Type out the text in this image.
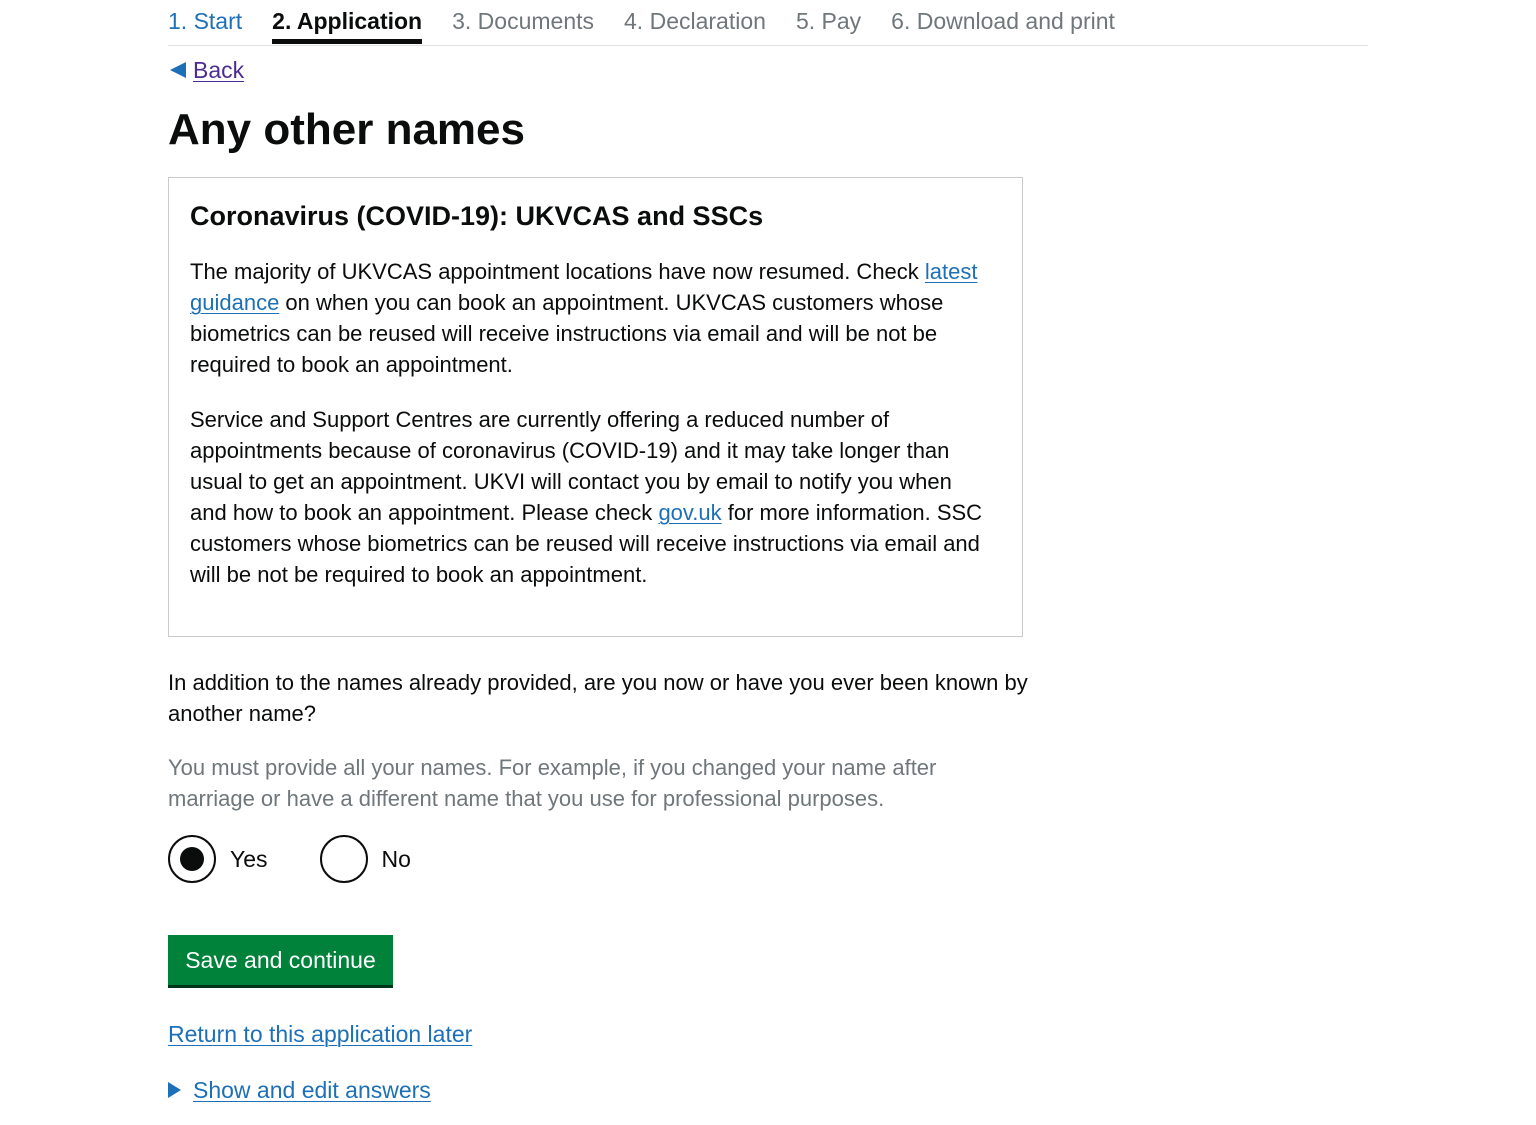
1. Start 2. Application 3. Documents 4. Declaration 5. Pay 6. Download and print
Back
Any other names
Coronavirus (COVID-19): UKVCAS and SSCs

The majority of UKVCAS appointment locations have now resumed. Check latest guidance on when you can book an appointment. UKVCAS customers whose biometrics can be reused will receive instructions via email and will be not be required to book an appointment.

Service and Support Centres are currently offering a reduced number of appointments because of coronavirus (COVID-19) and it may take longer than usual to get an appointment. UKVI will contact you by email to notify you when and how to book an appointment. Please check gov.uk for more information. SSC customers whose biometrics can be reused will receive instructions via email and will be not be required to book an appointment.

In addition to the names already provided, are you now or have you ever been known by another name?

You must provide all your names. For example, if you changed your name after marriage or have a different name that you use for professional purposes.

Yes	No
Save and continue
Return to this application later
Show and edit answers
